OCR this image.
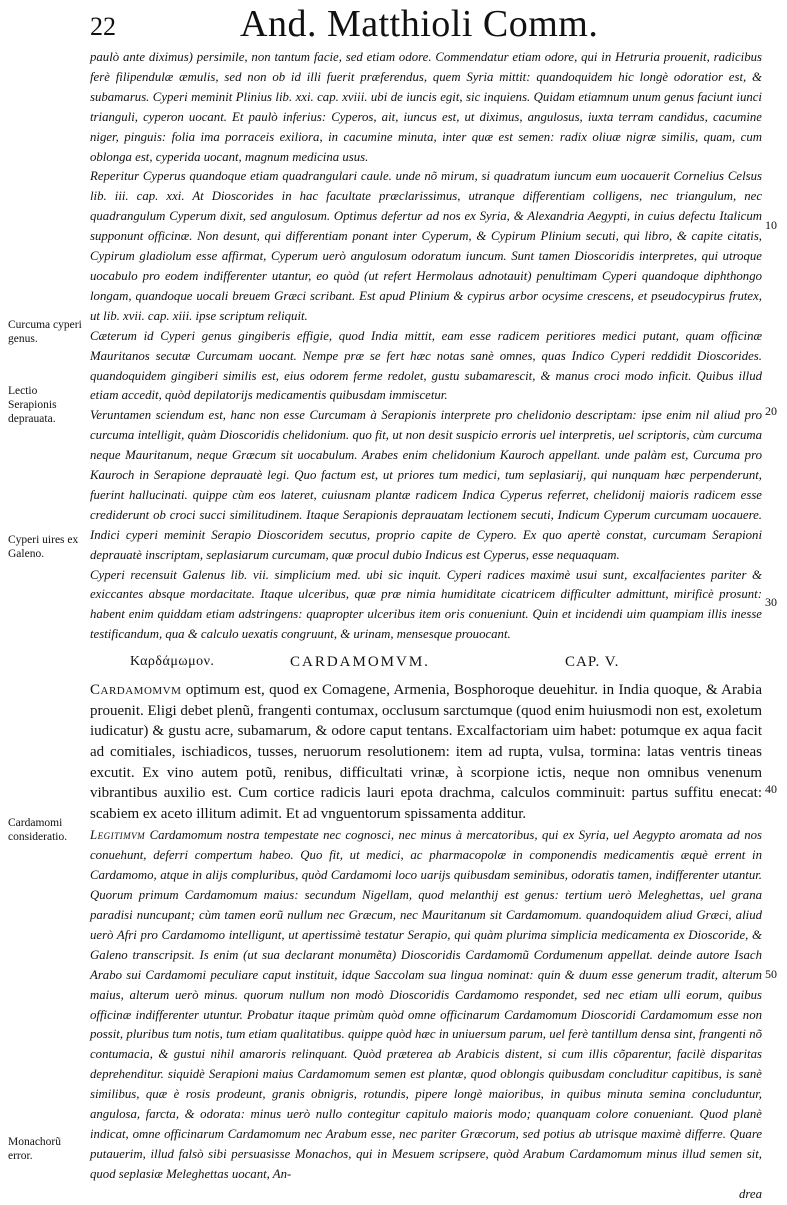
22	And. Matthioli Comm.

paulò ante diximus) persimile, non tantum facie, sed etiam odore. Commendatur etiam odore, qui in Hetruria prouenit, radicibus ferè filipendulæ æmulis, sed non ob id illi fuerit præferendus, quem Syria mittit: quandoquidem hic longè odoratior est, & subamarus. Cyperi meminit Plinius lib. xxi. cap. xviii. ubi de iuncis egit, sic inquiens. Quidam etiamnum unum genus faciunt iunci trianguli, cyperon uocant. Et paulò inferius: Cyperos, ait, iuncus est, ut diximus, angulosus, iuxta terram candidus, cacumine niger, pinguis: folia ima porraceis exiliora, in cacumine minuta, inter quæ est semen: radix oliuæ nigræ similis, quam, cum oblonga est, cyperida uocant, magnum medicina usus.

Reperitur Cyperus quandoque etiam quadrangulari caule. unde nõ mirum, si quadratum iuncum eum uocauerit Cornelius Celsus lib. iii. cap. xxi. At Dioscorides in hac facultate præclarissimus, utranque differentiam colligens, nec triangulum, nec quadrangulum Cyperum dixit, sed angulosum. Optimus defertur ad nos ex Syria, & Alexandria Aegypti, in cuius defectu Italicum supponunt officinæ. Non desunt, qui differentiam ponant inter Cyperum, & Cypirum Plinium secuti, qui libro, & capite citatis, Cypirum gladiolum esse affirmat, Cyperum uerò angulosum odoratum iuncum. Sunt tamen Dioscoridis interpretes, qui utroque uocabulo pro eodem indifferenter utantur, eo quòd (ut refert Hermolaus adnotauit) penultimam Cyperi quandoque diphthongo longam, quandoque uocali breuem Græci scribant. Est apud Plinium & cypirus arbor ocysime crescens, et pseudocypirus frutex, ut lib. xvii. cap. xiii. ipse scriptum reliquit.

Cæterum id Cyperi genus gingiberis effigie, quod India mittit, eam esse radicem peritiores medici putant, quam officinæ Mauritanos secutæ Curcumam uocant. Nempe præ se fert hæc notas sanè omnes, quas Indico Cyperi reddidit Dioscorides. quandoquidem gingiberi similis est, eius odorem ferme redolet, gustu subamarescit, & manus croci modo inficit. Quibus illud etiam accedit, quòd depilatorijs medicamentis quibusdam immiscetur.

Veruntamen sciendum est, hanc non esse Curcumam à Serapionis interprete pro chelidonio descriptam: ipse enim nil aliud pro curcuma intelligit, quàm Dioscoridis chelidonium. quo fit, ut non desit suspicio erroris uel interpretis, uel scriptoris, cùm curcuma neque Mauritanum, neque Græcum sit uocabulum. Arabes enim chelidonium Kauroch appellant. unde palàm est, Curcuma pro Kauroch in Serapione deprauatè legi. Quo factum est, ut priores tum medici, tum seplasiarij, qui nunquam hæc perpenderunt, fuerint hallucinati. quippe cùm eos lateret, cuiusnam plantæ radicem Indica Cyperus referret, chelidonij maioris radicem esse crediderunt ob croci succi similitudinem. Itaque Serapionis deprauatam lectionem secuti, Indicum Cyperum curcumam uocauere. Indici cyperi meminit Serapio Dioscoridem secutus, proprio capite de Cypero. Ex quo apertè constat, curcumam Serapioni deprauatè inscriptam, seplasiarum curcumam, quæ procul dubio Indicus est Cyperus, esse nequaquam.

Cyperi recensuit Galenus lib. vii. simplicium med. ubi sic inquit. Cyperi radices maximè usui sunt, excalfacientes pariter & exiccantes absque mordacitate. Itaque ulceribus, quæ præ nimia humiditate cicatricem difficulter admittunt, mirificè prosunt: habent enim quiddam etiam adstringens: quapropter ulceribus item oris conueniunt. Quin et incidendi uim quampiam illis inesse testificandum, qua & calculo uexatis congruunt, & urinam, mensesque prouocant.

Καρδάμωμον.	CARDAMOMVM.	CAP. V.

Cardamomvm optimum est, quod ex Comagene, Armenia, Bosphoroque deuehitur. in India quoque, & Arabia prouenit. Eligi debet plenũ, frangenti contumax, occlusum sarctumque (quod enim huiusmodi non est, exoletum iudicatur) & gustu acre, subamarum, & odore caput tentans. Excalfactoriam uim habet: potumque ex aqua facit ad comitiales, ischiadicos, tusses, neruorum resolutionem: item ad rupta, vulsa, tormina: latas ventris tineas excutit. Ex vino autem potũ, renibus, difficultati vrinæ, à scorpione ictis, neque non omnibus venenum vibrantibus auxilio est. Cum cortice radicis lauri epota drachma, calculos comminuit: partus suffitu enecat: scabiem ex aceto illitum adimit. Et ad vnguentorum spissamenta additur.

Legitimvm Cardamomum nostra tempestate nec cognosci, nec minus à mercatoribus, qui ex Syria, uel Aegypto aromata ad nos conuehunt, deferri compertum habeo. Quo fit, ut medici, ac pharmacopolæ in componendis medicamentis æquè errent in Cardamomo, atque in alijs compluribus, quòd Cardamomi loco uarijs quibusdam seminibus, odoratis tamen, indifferenter utantur. Quorum primum Cardamomum maius: secundum Nigellam, quod melanthij est genus: tertium uerò Meleghettas, uel grana paradisi nuncupant; cùm tamen eorũ nullum nec Græcum, nec Mauritanum sit Cardamomum. quandoquidem aliud Græci, aliud uerò Afri pro Cardamomo intelligunt, ut apertissimè testatur Serapio, qui quàm plurima simplicia medicamenta ex Dioscoride, & Galeno transcripsit. Is enim (ut sua declarant monumẽta) Dioscoridis Cardamomũ Cordumenum appellat. deinde autore Isach Arabo sui Cardamomi peculiare caput instituit, idque Saccolam sua lingua nominat: quin & duum esse generum tradit, alterum maius, alterum uerò minus. quorum nullum non modò Dioscoridis Cardamomo respondet, sed nec etiam ulli eorum, quibus officinæ indifferenter utuntur. Probatur itaque primùm quòd omne officinarum Cardamomum Dioscoridi Cardamomum esse non possit, pluribus tum notis, tum etiam qualitatibus. quippe quòd hæc in uniuersum parum, uel ferè tantillum densa sint, frangenti nõ contumacia, & gustui nihil amaroris relinquant. Quòd præterea ab Arabicis distent, si cum illis cõparentur, facilè disparitas deprehenditur. siquidè Serapioni maius Cardamomum semen est plantæ, quod oblongis quibusdam concluditur capitibus, is sanè similibus, quæ è rosis prodeunt, granis obnigris, rotundis, pipere longè maioribus, in quibus minuta semina concluduntur, angulosa, farcta, & odorata: minus uerò nullo contegitur capitulo maioris modo; quanquam colore conueniant. Quod planè indicat, omne officinarum Cardamomum nec Arabum esse, nec pariter Græcorum, sed potius ab utrisque maximè differre. Quare putauerim, illud falsò sibi persuasisse Monachos, qui in Mesuem scripsere, quòd Arabum Cardamomum minus illud semen sit, quod seplasiæ Meleghettas uocant, An-

drea

Curcuma cyperi genus.
Lectio Serapionis deprauata.
Cyperi uires ex Galeno.
Cardamomi consideratio.
Monachorũ error.
10
20
30
40
50
